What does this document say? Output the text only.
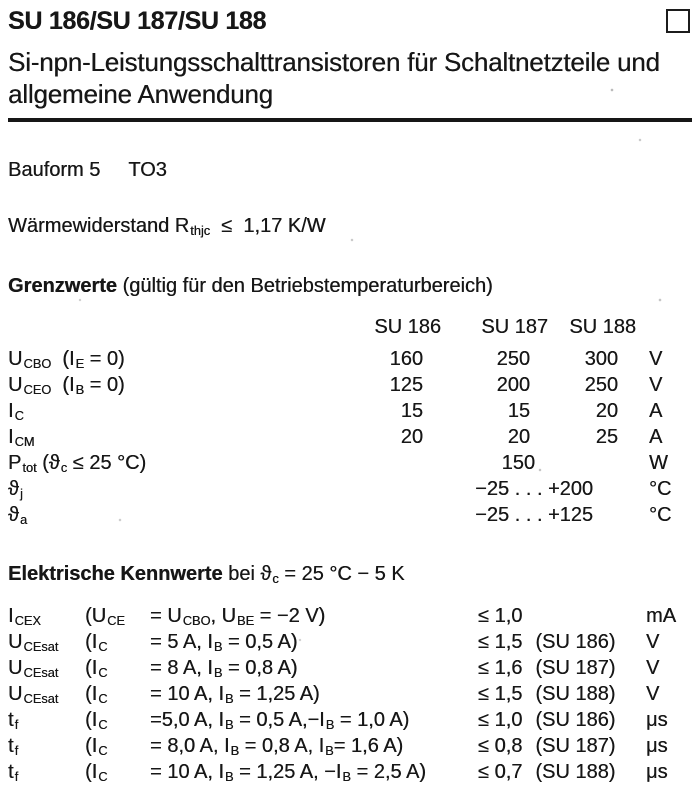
SU 186/SU 187/SU 188
Si-npn-Leistungsschalttransistoren für Schaltnetzteile und allgemeine Anwendung

Bauform 5 TO3

Wärmewiderstand Rthjc  ≤  1,17 K/W

Grenzwerte (gültig für den Betriebstemperaturbereich)
SU 186	SU 187	SU 188
UCBO  (IE = 0)	160	250	300	V
UCEO  (IB = 0)	125	200	250	V
IC	15	15	20	A
ICM	20	20	25	A
Ptot (ϑc ≤ 25 °C)	150	W
ϑj	−25 . . . +200	°C
ϑa	−25 . . . +125	°C
Elektrische Kennwerte bei ϑc = 25 °C − 5 K
ICEX	(UCE	= UCBO, UBE = −2 V)	≤ 1,0	mA
UCEsat	(IC	= 5 A, IB = 0,5 A)	≤ 1,5 (SU 186) V
UCEsat	(IC	= 8 A, IB = 0,8 A)	≤ 1,6 (SU 187) V
UCEsat	(IC	= 10 A, IB = 1,25 A)	≤ 1,5 (SU 188) V
tf	(IC	=5,0 A, IB = 0,5 A,−IB = 1,0 A)	≤ 1,0 (SU 186) μs
tf	(IC	= 8,0 A, IB = 0,8 A, IB= 1,6 A)	≤ 0,8 (SU 187) μs
tf	(IC	= 10 A, IB = 1,25 A, −IB = 2,5 A)	≤ 0,7 (SU 188) μs
